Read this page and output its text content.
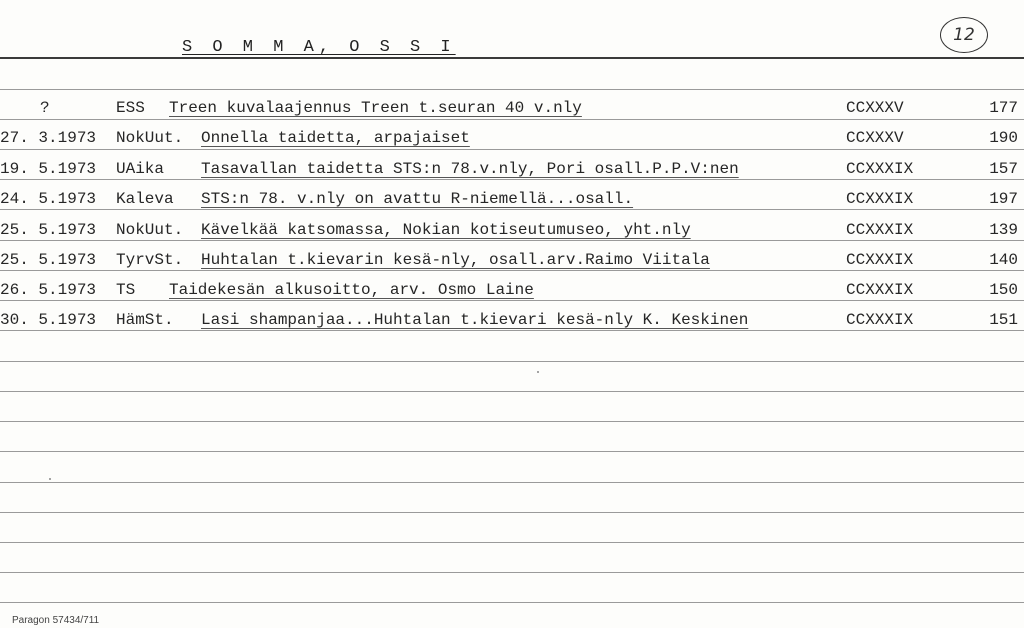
S O M M A, O S S I
12
?	ESS Treen kuvalaajennus Treen t.seuran 40 v.nly	CCXXXV	177
27. 3.1973	NokUut. Onnella taidetta, arpajaiset	CCXXXV	190
19. 5.1973	UAika Tasavallan taidetta STS:n 78.v.nly, Pori osall.P.P.V:nen	CCXXXIX	157
24. 5.1973	Kaleva STS:n 78. v.nly on avattu R-niemellä...osall.	CCXXXIX	197
25. 5.1973	NokUut. Kävelkää katsomassa, Nokian kotiseutumuseo, yht.nly	CCXXXIX	139
25. 5.1973	TyrvSt. Huhtalan t.kievarin kesä-nly, osall.arv.Raimo Viitala	CCXXXIX	140
26. 5.1973	TS Taidekesän alkusoitto, arv. Osmo Laine	CCXXXIX	150
30. 5.1973	HämSt. Lasi shampanjaa...Huhtalan t.kievari kesä-nly K. Keskinen	CCXXXIX	151
Paragon 57434/711
